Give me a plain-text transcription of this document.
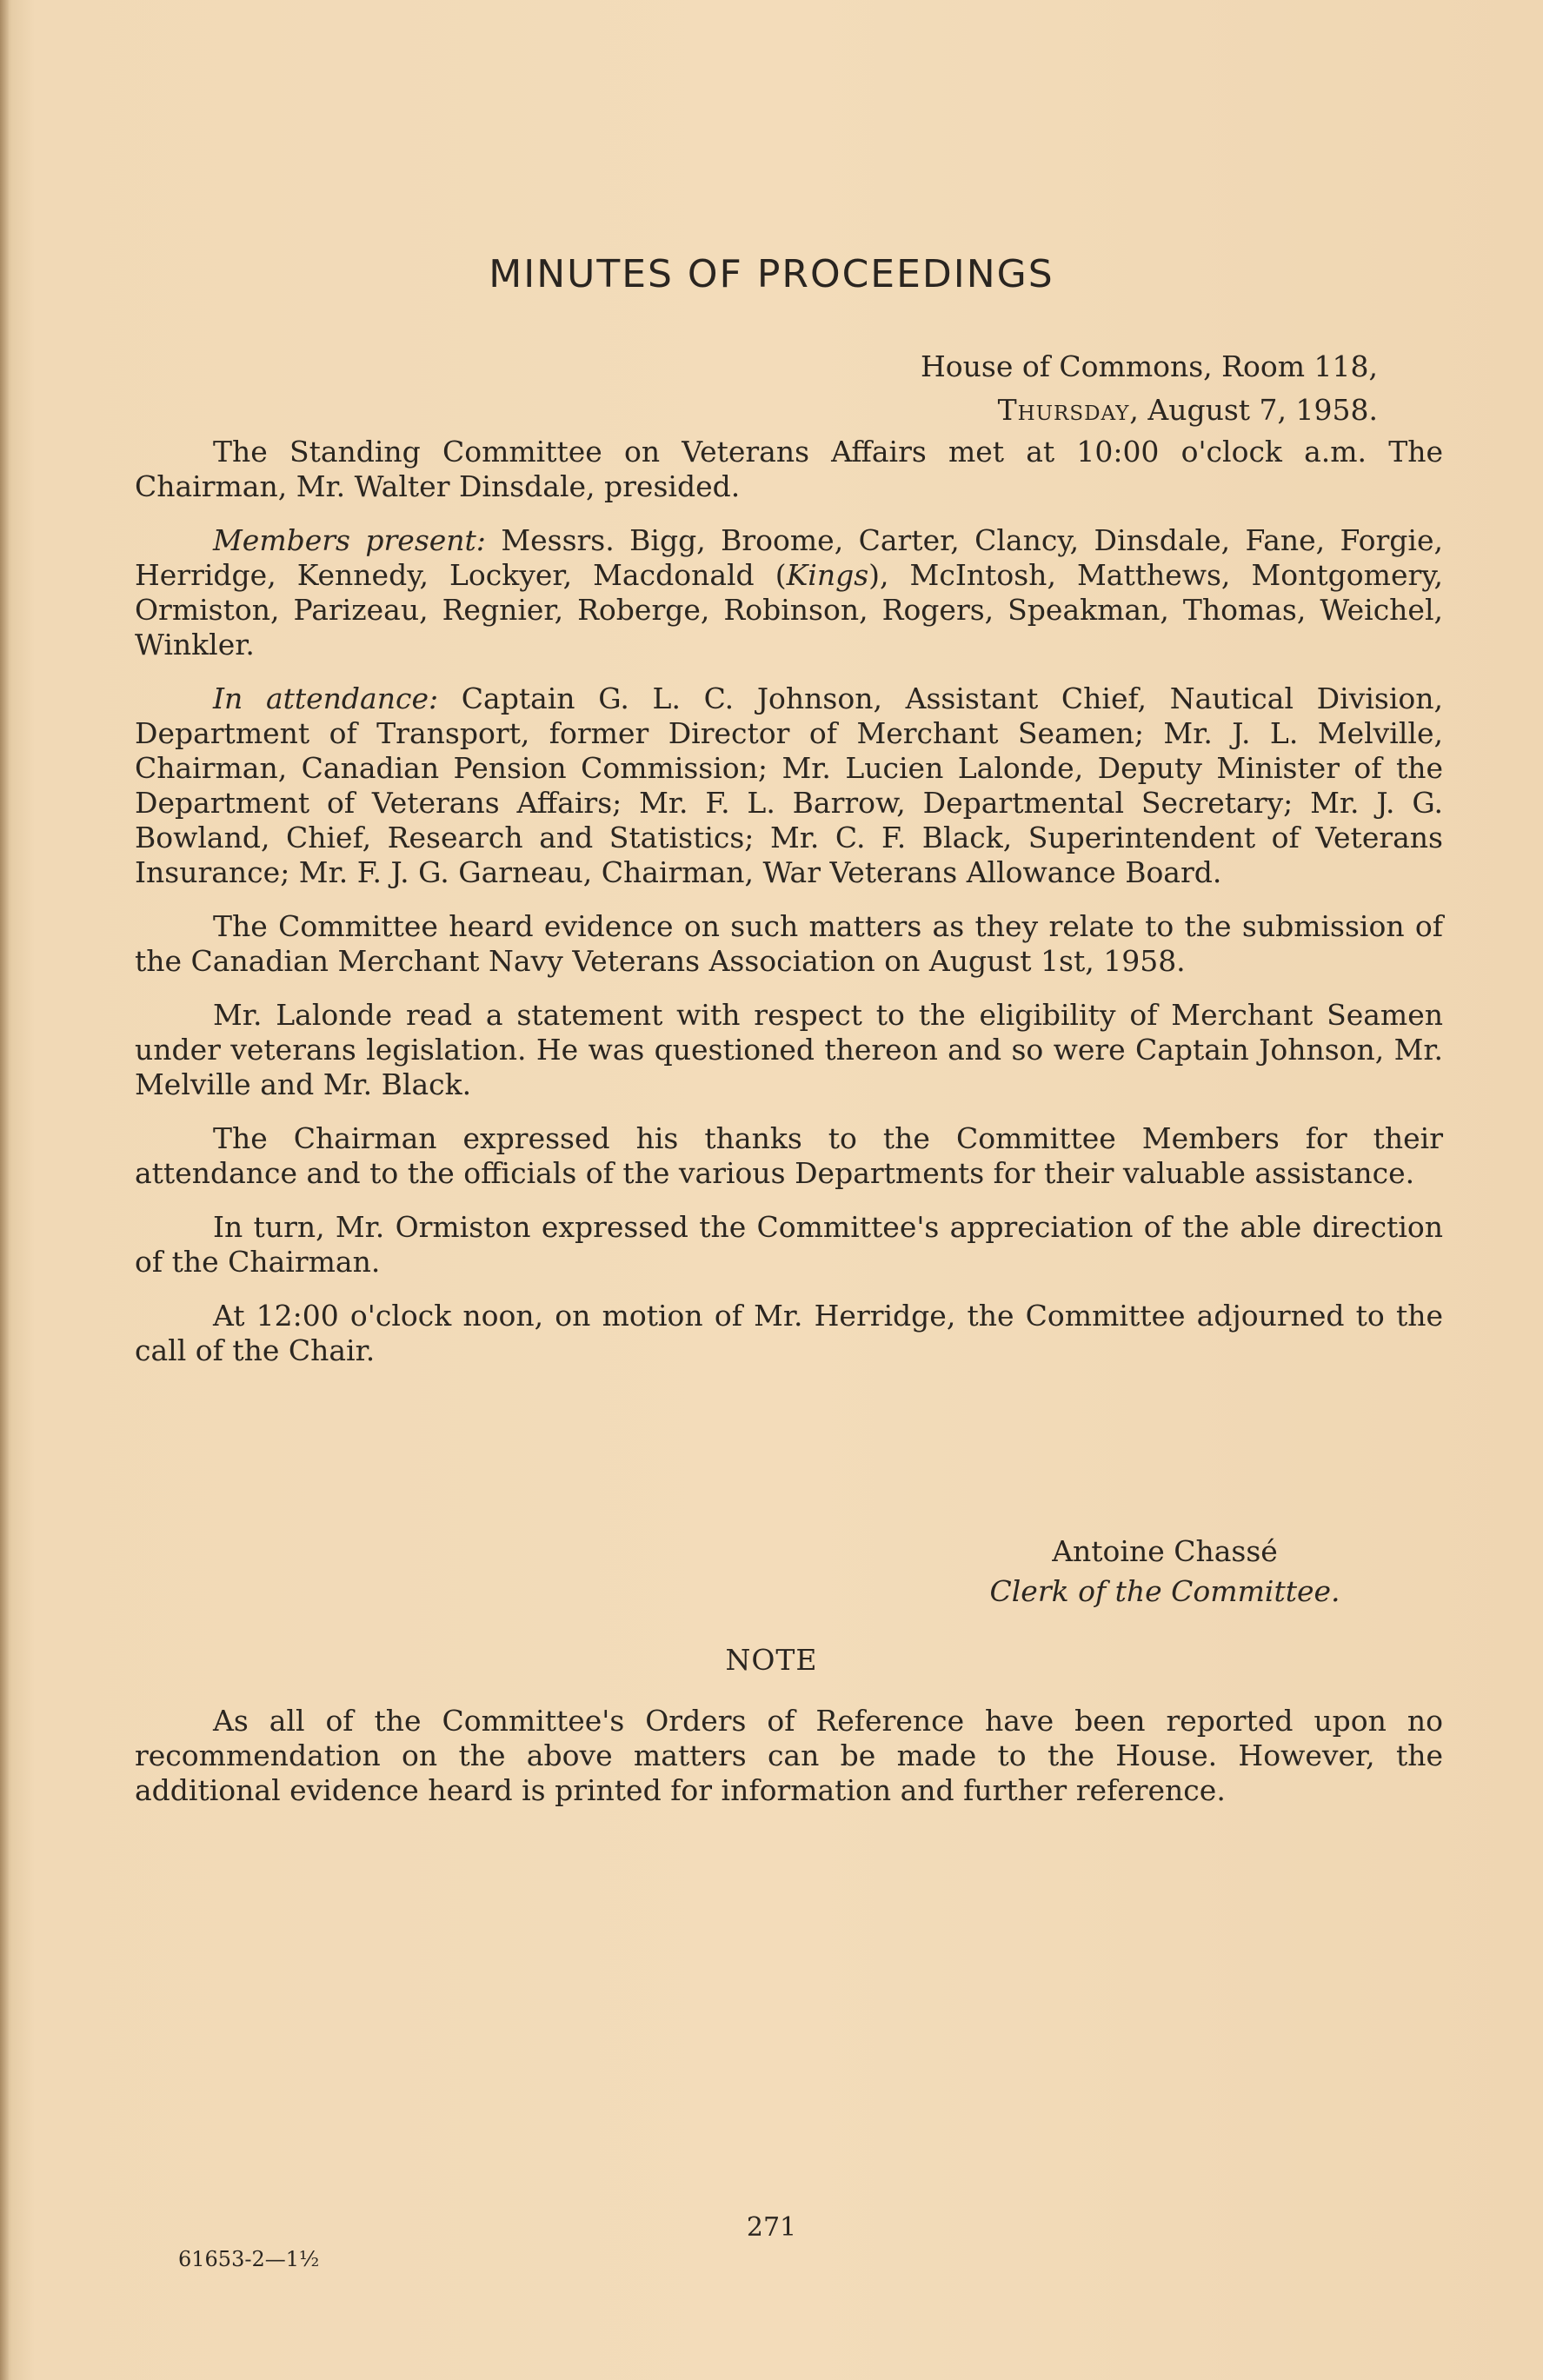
MINUTES OF PROCEEDINGS
House of Commons, Room 118,
Thursday, August 7, 1958.

The Standing Committee on Veterans Affairs met at 10:00 o'clock a.m. The Chairman, Mr. Walter Dinsdale, presided.

Members present: Messrs. Bigg, Broome, Carter, Clancy, Dinsdale, Fane, Forgie, Herridge, Kennedy, Lockyer, Macdonald (Kings), McIntosh, Matthews, Montgomery, Ormiston, Parizeau, Regnier, Roberge, Robinson, Rogers, Speakman, Thomas, Weichel, Winkler.

In attendance: Captain G. L. C. Johnson, Assistant Chief, Nautical Division, Department of Transport, former Director of Merchant Seamen; Mr. J. L. Melville, Chairman, Canadian Pension Commission; Mr. Lucien Lalonde, Deputy Minister of the Department of Veterans Affairs; Mr. F. L. Barrow, Departmental Secretary; Mr. J. G. Bowland, Chief, Research and Statistics; Mr. C. F. Black, Superintendent of Veterans Insurance; Mr. F. J. G. Garneau, Chairman, War Veterans Allowance Board.

The Committee heard evidence on such matters as they relate to the submission of the Canadian Merchant Navy Veterans Association on August 1st, 1958.

Mr. Lalonde read a statement with respect to the eligibility of Merchant Seamen under veterans legislation. He was questioned thereon and so were Captain Johnson, Mr. Melville and Mr. Black.

The Chairman expressed his thanks to the Committee Members for their attendance and to the officials of the various Departments for their valuable assistance.

In turn, Mr. Ormiston expressed the Committee's appreciation of the able direction of the Chairman.

At 12:00 o'clock noon, on motion of Mr. Herridge, the Committee adjourned to the call of the Chair.

Antoine Chassé
Clerk of the Committee.
NOTE

As all of the Committee's Orders of Reference have been reported upon no recommendation on the above matters can be made to the House. However, the additional evidence heard is printed for information and further reference.

271
61653-2—1½
